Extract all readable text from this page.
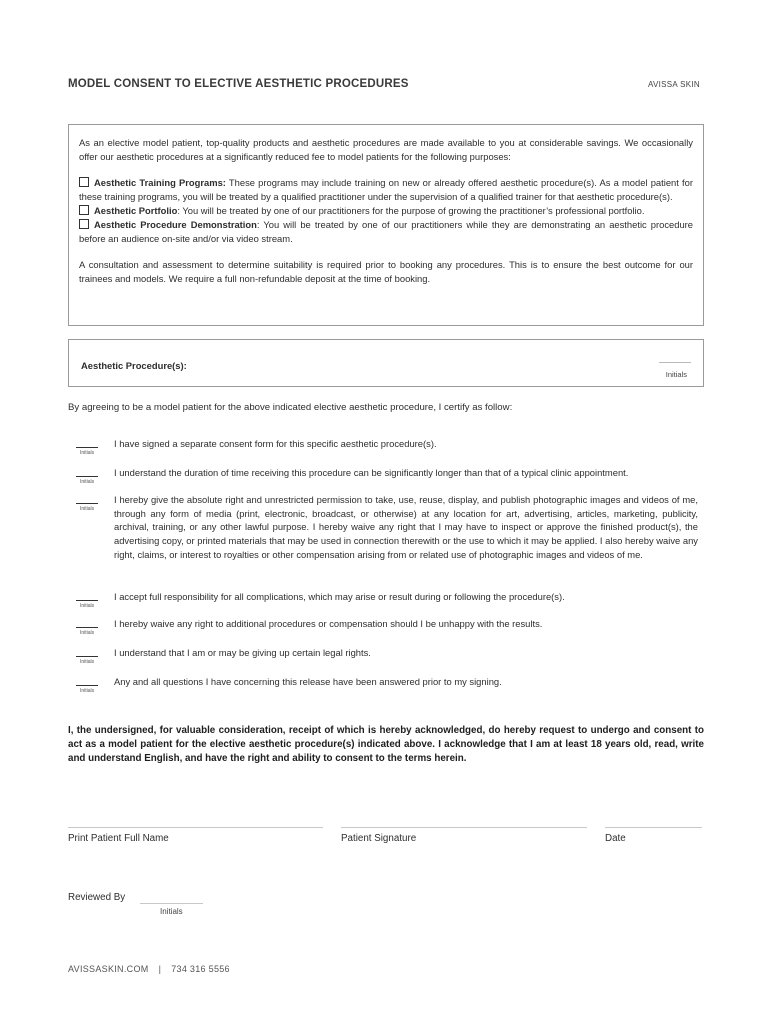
MODEL CONSENT TO ELECTIVE AESTHETIC PROCEDURES	AVISSA SKIN

As an elective model patient, top-quality products and aesthetic procedures are made available to you at considerable savings. We occasionally offer our aesthetic procedures at a significantly reduced fee to model patients for the following purposes:

Aesthetic Training Programs: These programs may include training on new or already offered aesthetic procedure(s). As a model patient for these training programs, you will be treated by a qualified practitioner under the supervision of a qualified trainer for that aesthetic procedure(s).

Aesthetic Portfolio: You will be treated by one of our practitioners for the purpose of growing the practitioner’s professional portfolio.

Aesthetic Procedure Demonstration: You will be treated by one of our practitioners while they are demonstrating an aesthetic procedure before an audience on-site and/or via video stream.

A consultation and assessment to determine suitability is required prior to booking any procedures. This is to ensure the best outcome for our trainees and models. We require a full non-refundable deposit at the time of booking.

Aesthetic Procedure(s):
Initials
By agreeing to be a model patient for the above indicated elective aesthetic procedure, I certify as follow:
Initials
I have signed a separate consent form for this specific aesthetic procedure(s).
Initials
I understand the duration of time receiving this procedure can be significantly longer than that of a typical clinic appointment.
Initials
I hereby give the absolute right and unrestricted permission to take, use, reuse, display, and publish photographic images and videos of me, through any form of media (print, electronic, broadcast, or otherwise) at any location for art, advertising, articles, marketing, publicity, archival, training, or any other lawful purpose. I hereby waive any right that I may have to inspect or approve the finished product(s), the advertising copy, or printed materials that may be used in connection therewith or the use to which it may be applied. I also hereby waive any right, claims, or interest to royalties or other compensation arising from or related use of photographic images and videos of me.
Initials
I accept full responsibility for all complications, which may arise or result during or following the procedure(s).
Initials
I hereby waive any right to additional procedures or compensation should I be unhappy with the results.
Initials
I understand that I am or may be giving up certain legal rights.
Initials
Any and all questions I have concerning this release have been answered prior to my signing.
I, the undersigned, for valuable consideration, receipt of which is hereby acknowledged, do hereby request to undergo and consent to act as a model patient for the elective aesthetic procedure(s) indicated above. I acknowledge that I am at least 18 years old, read, write and understand English, and have the right and ability to consent to the terms herein.
Print Patient Full Name	Patient Signature	Date
Reviewed By
Initials
AVISSASKIN.COM | 734 316 5556
